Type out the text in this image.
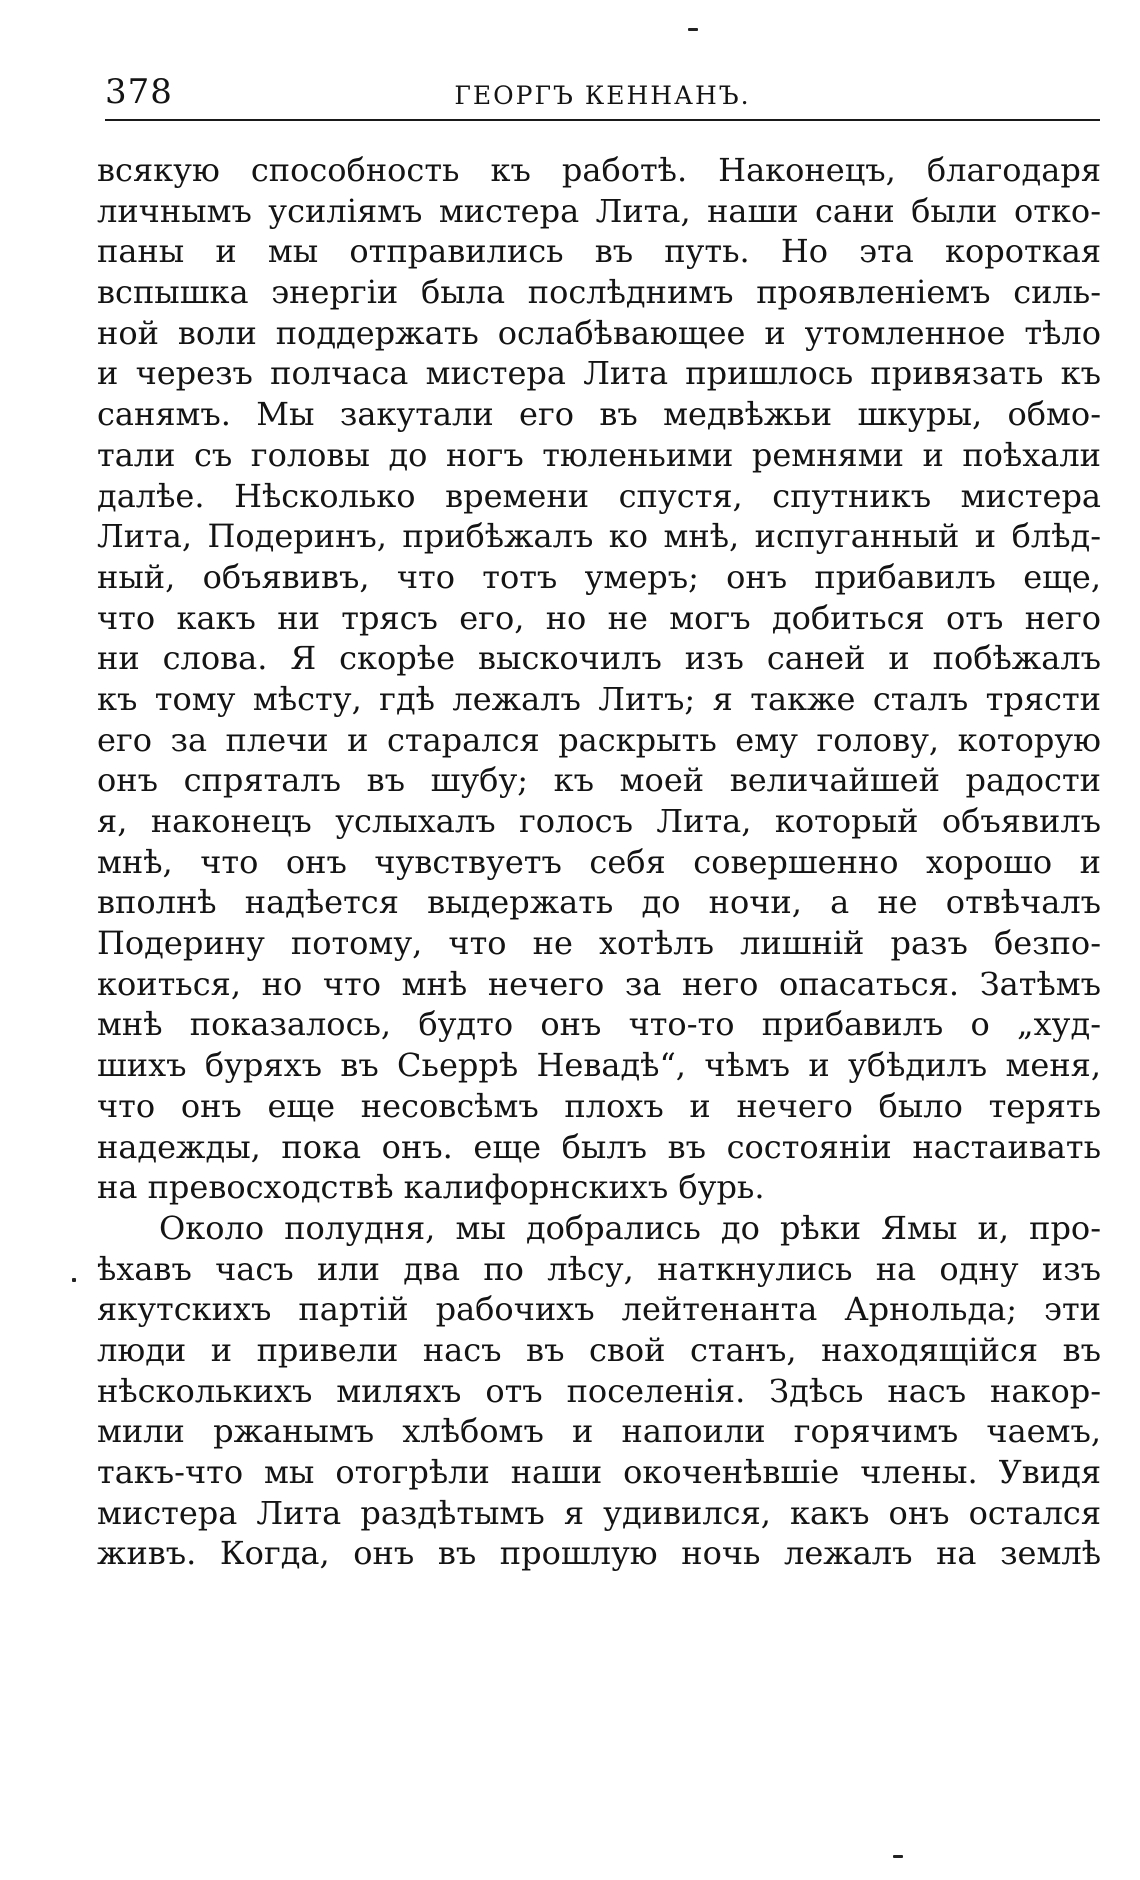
378	ГЕОРГЪ КЕННАНЪ.
всякую способность къ работѣ. Наконецъ, благодаря
личнымъ усиліямъ мистера Лита, наши сани были отко-
паны и мы отправились въ путь. Но эта короткая
вспышка энергіи была послѣднимъ проявленіемъ силь-
ной воли поддержать ослабѣвающее и утомленное тѣло
и черезъ полчаса мистера Лита пришлось привязать къ
санямъ. Мы закутали его въ медвѣжьи шкуры, обмо-
тали съ головы до ногъ тюленьими ремнями и поѣхали
далѣе. Нѣсколько времени спустя, спутникъ мистера
Лита, Подеринъ, прибѣжалъ ко мнѣ, испуганный и блѣд-
ный, объявивъ, что тотъ умеръ; онъ прибавилъ еще,
что какъ ни трясъ его, но не могъ добиться отъ него
ни слова. Я скорѣе выскочилъ изъ саней и побѣжалъ
къ тому мѣсту, гдѣ лежалъ Литъ; я также сталъ трясти
его за плечи и старался раскрыть ему голову, которую
онъ спряталъ въ шубу; къ моей величайшей радости
я, наконецъ услыхалъ голосъ Лита, который объявилъ
мнѣ, что онъ чувствуетъ себя совершенно хорошо и
вполнѣ надѣется выдержать до ночи, а не отвѣчалъ
Подерину потому, что не хотѣлъ лишній разъ безпо-
коиться, но что мнѣ нечего за него опасаться. Затѣмъ
мнѣ показалось, будто онъ что-то прибавилъ о „худ-
шихъ буряхъ въ Сьеррѣ Невадѣ“, чѣмъ и убѣдилъ меня,
что онъ еще несовсѣмъ плохъ и нечего было терять
надежды, пока онъ. еще былъ въ состояніи настаивать
на превосходствѣ калифорнскихъ бурь.
Около полудня, мы добрались до рѣки Ямы и, про-
ѣхавъ часъ или два по лѣсу, наткнулись на одну изъ
якутскихъ партій рабочихъ лейтенанта Арнольда; эти
люди и привели насъ въ свой станъ, находящійся въ
нѣсколькихъ миляхъ отъ поселенія. Здѣсь насъ накор-
мили ржанымъ хлѣбомъ и напоили горячимъ чаемъ,
такъ-что мы отогрѣли наши окоченѣвшіе члены. Увидя
мистера Лита раздѣтымъ я удивился, какъ онъ остался
живъ. Когда, онъ въ прошлую ночь лежалъ на землѣ
